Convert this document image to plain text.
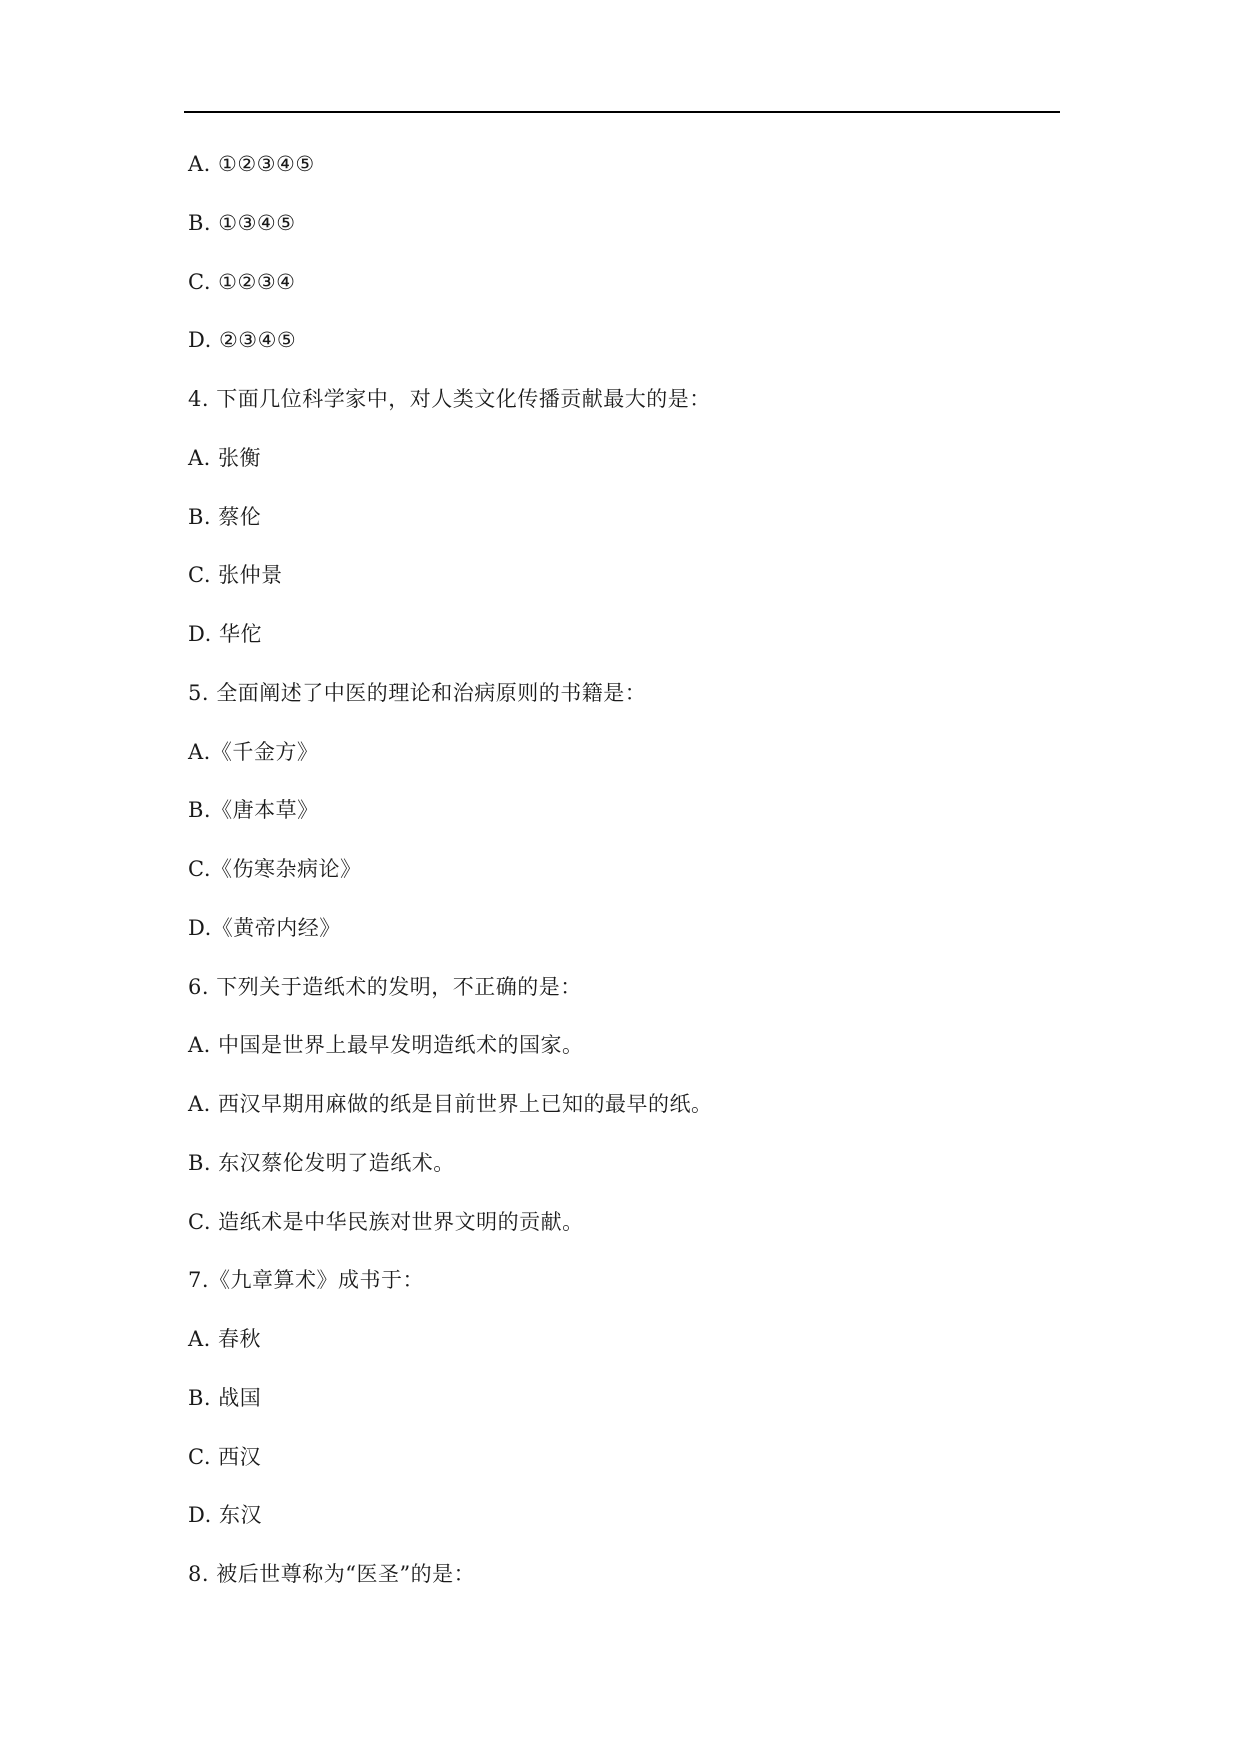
A. ①②③④⑤
B. ①③④⑤
C. ①②③④
D. ②③④⑤
4. 下面几位科学家中，对人类文化传播贡献最大的是：
A. 张衡
B. 蔡伦
C. 张仲景
D. 华佗
5. 全面阐述了中医的理论和治病原则的书籍是：
A.《千金方》
B.《唐本草》
C.《伤寒杂病论》
D.《黄帝内经》
6. 下列关于造纸术的发明，不正确的是：
A. 中国是世界上最早发明造纸术的国家。
A. 西汉早期用麻做的纸是目前世界上已知的最早的纸。
B. 东汉蔡伦发明了造纸术。
C. 造纸术是中华民族对世界文明的贡献。
7.《九章算术》成书于：
A. 春秋
B. 战国
C. 西汉
D. 东汉
8. 被后世尊称为“医圣”的是：
